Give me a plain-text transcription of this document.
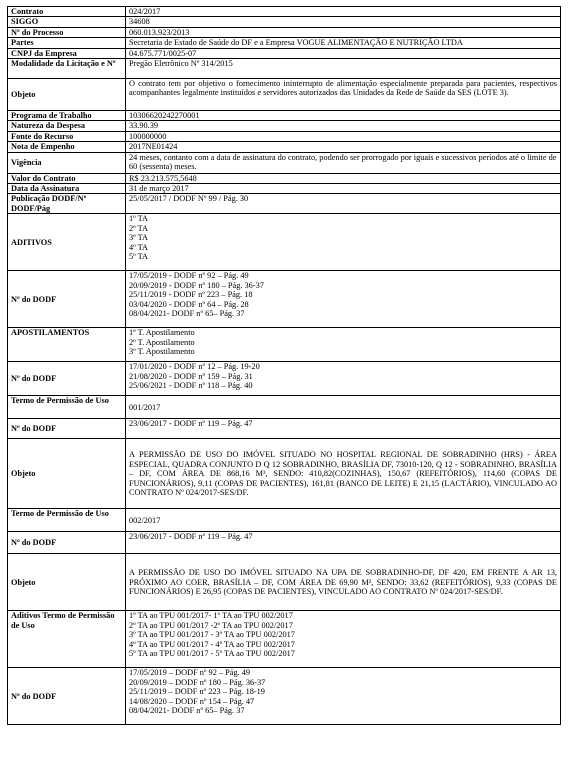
Contrato	024/2017
SIGGO	34608
Nº do Processo	060.013.923/2013
Partes	Secretaria de Estado de Saúde do DF e a Empresa VOGUE ALIMENTAÇÃO E NUTRIÇÃO LTDA
CNPJ da Empresa	04.675.771/0025-07
Modalidade da Licitação e Nº	Pregão Eletrônico Nº 314/2015
Objeto	O contrato tem por objetivo o fornecimento ininterrupto de alimentação especialmente preparada para pacientes, respectivos acompanhantes legalmente instituídos e servidores autorizados das Unidades da Rede de Saúde da SES (LOTE 3).
Programa de Trabalho	10306620242270001
Natureza da Despesa	33.90.39
Fonte do Recurso	100000000
Nota de Empenho	2017NE01424
Vigência	24 meses, contanto com a data de assinatura do contrato, podendo ser prorrogado por iguais e sucessivos períodos até o limite de 60 (sessenta) meses.
Valor do Contrato	R$ 23.213.575,5648
Data da Assinatura	31 de março 2017
Publicação DODF/Nº DODF/Pág	25/05/2017 / DODF Nº 99 / Pág. 30
ADITIVOS	1º TA
2º TA
3º TA
4º TA
5º TA

Nº do DODF	17/05/2019 - DODF nº 92 – Pág. 49
20/09/2019 - DODF nº 180 – Pág. 36-37
25/11/2019 - DODF nº 223 – Pág. 18
03/04/2020 - DODF nº 64 – Pág. 28
08/04/2021- DODF nº 65– Pág. 37

APOSTILAMENTOS	1º T. Apostilamento
2º T. Apostilamento
3º T. Apostilamento

Nº do DODF	17/01/2020 - DODF nº 12 – Pág. 19-20
21/08/2020 - DODF nº 159 – Pág. 31
25/06/2021 - DODF nº 118 – Pág. 40

Termo de Permissão de Uso	001/2017
Nº do DODF	23/06/2017 - DODF nº 119 – Pág. 47
Objeto	A PERMISSÃO DE USO DO IMÓVEL SITUADO NO HOSPITAL REGIONAL DE SOBRADINHO (HRS) - ÁREA ESPECIAL, QUADRA CONJUNTO D Q 12 SOBRADINHO, BRASÍLIA DF, 73010-120, Q 12 - SOBRADINHO, BRASÍLIA – DF, COM ÁREA DE 868,16 M², SENDO: 410,82(COZINHAS), 150,67 (REFEITÓRIOS), 114,60 (COPAS DE FUNCIONÁRIOS), 9,11 (COPAS DE PACIENTES), 161,81 (BANCO DE LEITE) E 21,15 (LACTÁRIO), VINCULADO AO CONTRATO Nº 024/2017-SES/DF.
Termo de Permissão de Uso	002/2017
Nº do DODF	23/06/2017 - DODF nº 119 – Pág. 47
Objeto	A PERMISSÃO DE USO DO IMÓVEL SITUADO NA UPA DE SOBRADINHO-DF, DF 420, EM FRENTE A AR 13, PRÓXIMO AO COER, BRASÍLIA – DF, COM ÁREA DE 69,90 M², SENDO: 33,62 (REFEITÓRIOS), 9,33 (COPAS DE FUNCIONÁRIOS) E 26,95 (COPAS DE PACIENTES), VINCULADO AO CONTRATO Nº 024/2017-SES/DF.
Aditivos Termo de Permissão de Uso	1º TA ao TPU 001/2017- 1º TA ao TPU 002/2017
2º TA ao TPU 001/2017 -2º TA ao TPU 002/2017
3º TA ao TPU 001/2017 - 3º TA ao TPU 002/2017
4º TA ao TPU 001/2017 - 4º TA ao TPU 002/2017
5º TA ao TPU 001/2017 - 5º TA ao TPU 002/2017

Nº do DODF	17/05/2019 – DODF nº 92 – Pág. 49
20/09/2019 – DODF nº 180 – Pág. 36-37
25/11/2019 – DODF nº 223 – Pág. 18-19
14/08/2020 – DODF nº 154 – Pág. 47
08/04/2021- DODF nº 65– Pág. 37
